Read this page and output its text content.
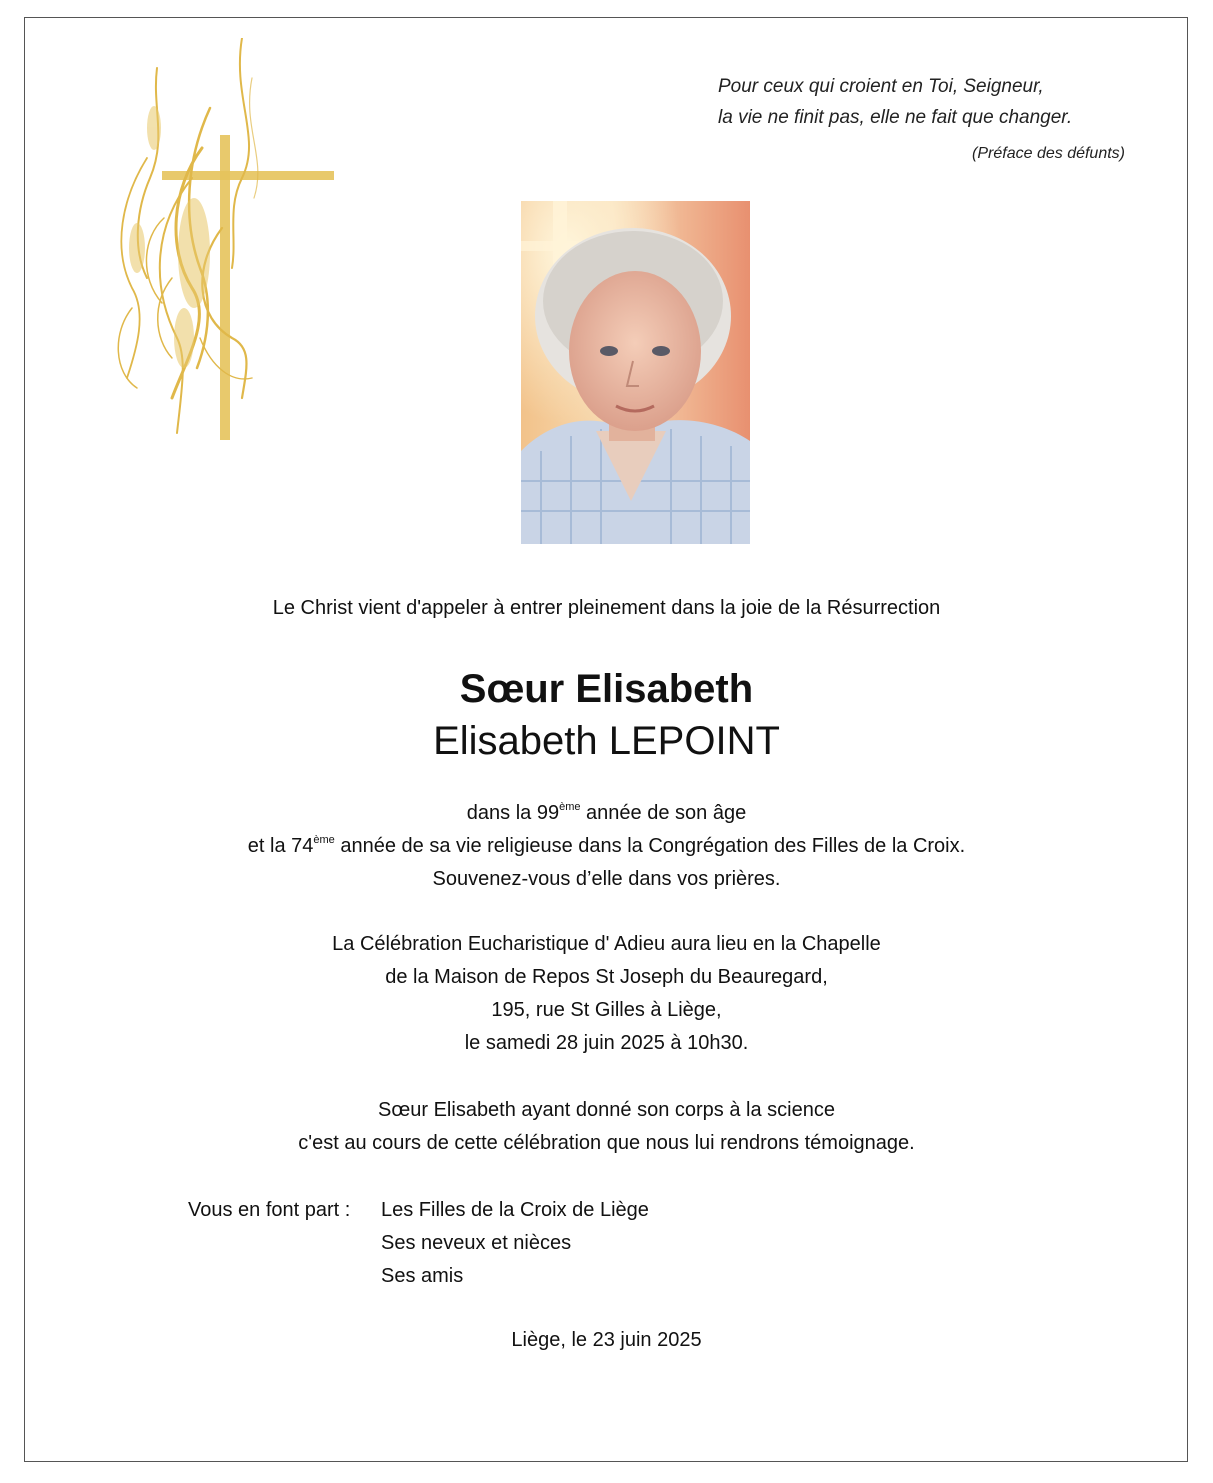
Pour ceux qui croient en Toi, Seigneur,
la vie ne finit pas, elle ne fait que changer.
(Préface des défunts)
Le Christ vient d'appeler à entrer pleinement dans la joie de la Résurrection
Sœur Elisabeth
Elisabeth LEPOINT
dans la 99ème année de son âge
et la 74ème année de sa vie religieuse dans la Congrégation des Filles de la Croix.
Souvenez-vous d’elle dans vos prières.
La Célébration Eucharistique d' Adieu aura lieu en la Chapelle
de la Maison de Repos St Joseph du Beauregard,
195, rue St Gilles à Liège,
le samedi 28 juin 2025 à 10h30.
Sœur Elisabeth ayant donné son corps à la science
c'est au cours de cette célébration que nous lui rendrons témoignage.
Vous en font part : Les Filles de la Croix de Liège
Ses neveux et nièces
Ses amis
Liège, le 23 juin 2025
